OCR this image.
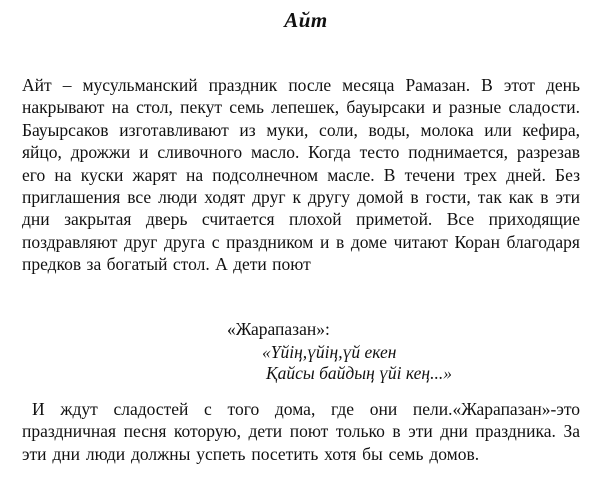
Айт
Айт – мусульманский праздник после месяца Рамазан. В этот день накрывают на стол, пекут семь лепешек, бауырсаки и разные сладости. Бауырсаков изготавливают из муки, соли, воды, молока или кефира, яйцо, дрожжи и сливочного масло. Когда тесто поднимается, разрезав его на куски жарят на подсолнечном масле. В течени трех дней. Без приглашения все люди ходят друг к другу домой в гости, так как в эти дни закрытая дверь считается плохой приметой. Все приходящие поздравляют друг друга с праздником и в доме читают Коран благодаря предков за богатый стол. А дети поют
«Жарапазан»:
«Үйің,үйің,үй екен
Қайсы байдың үйі кең...»
И ждут сладостей с того дома, где они пели.«Жарапазан»-это праздничная песня которую, дети поют только в эти дни праздника. За эти дни люди должны успеть посетить хотя бы семь домов.
